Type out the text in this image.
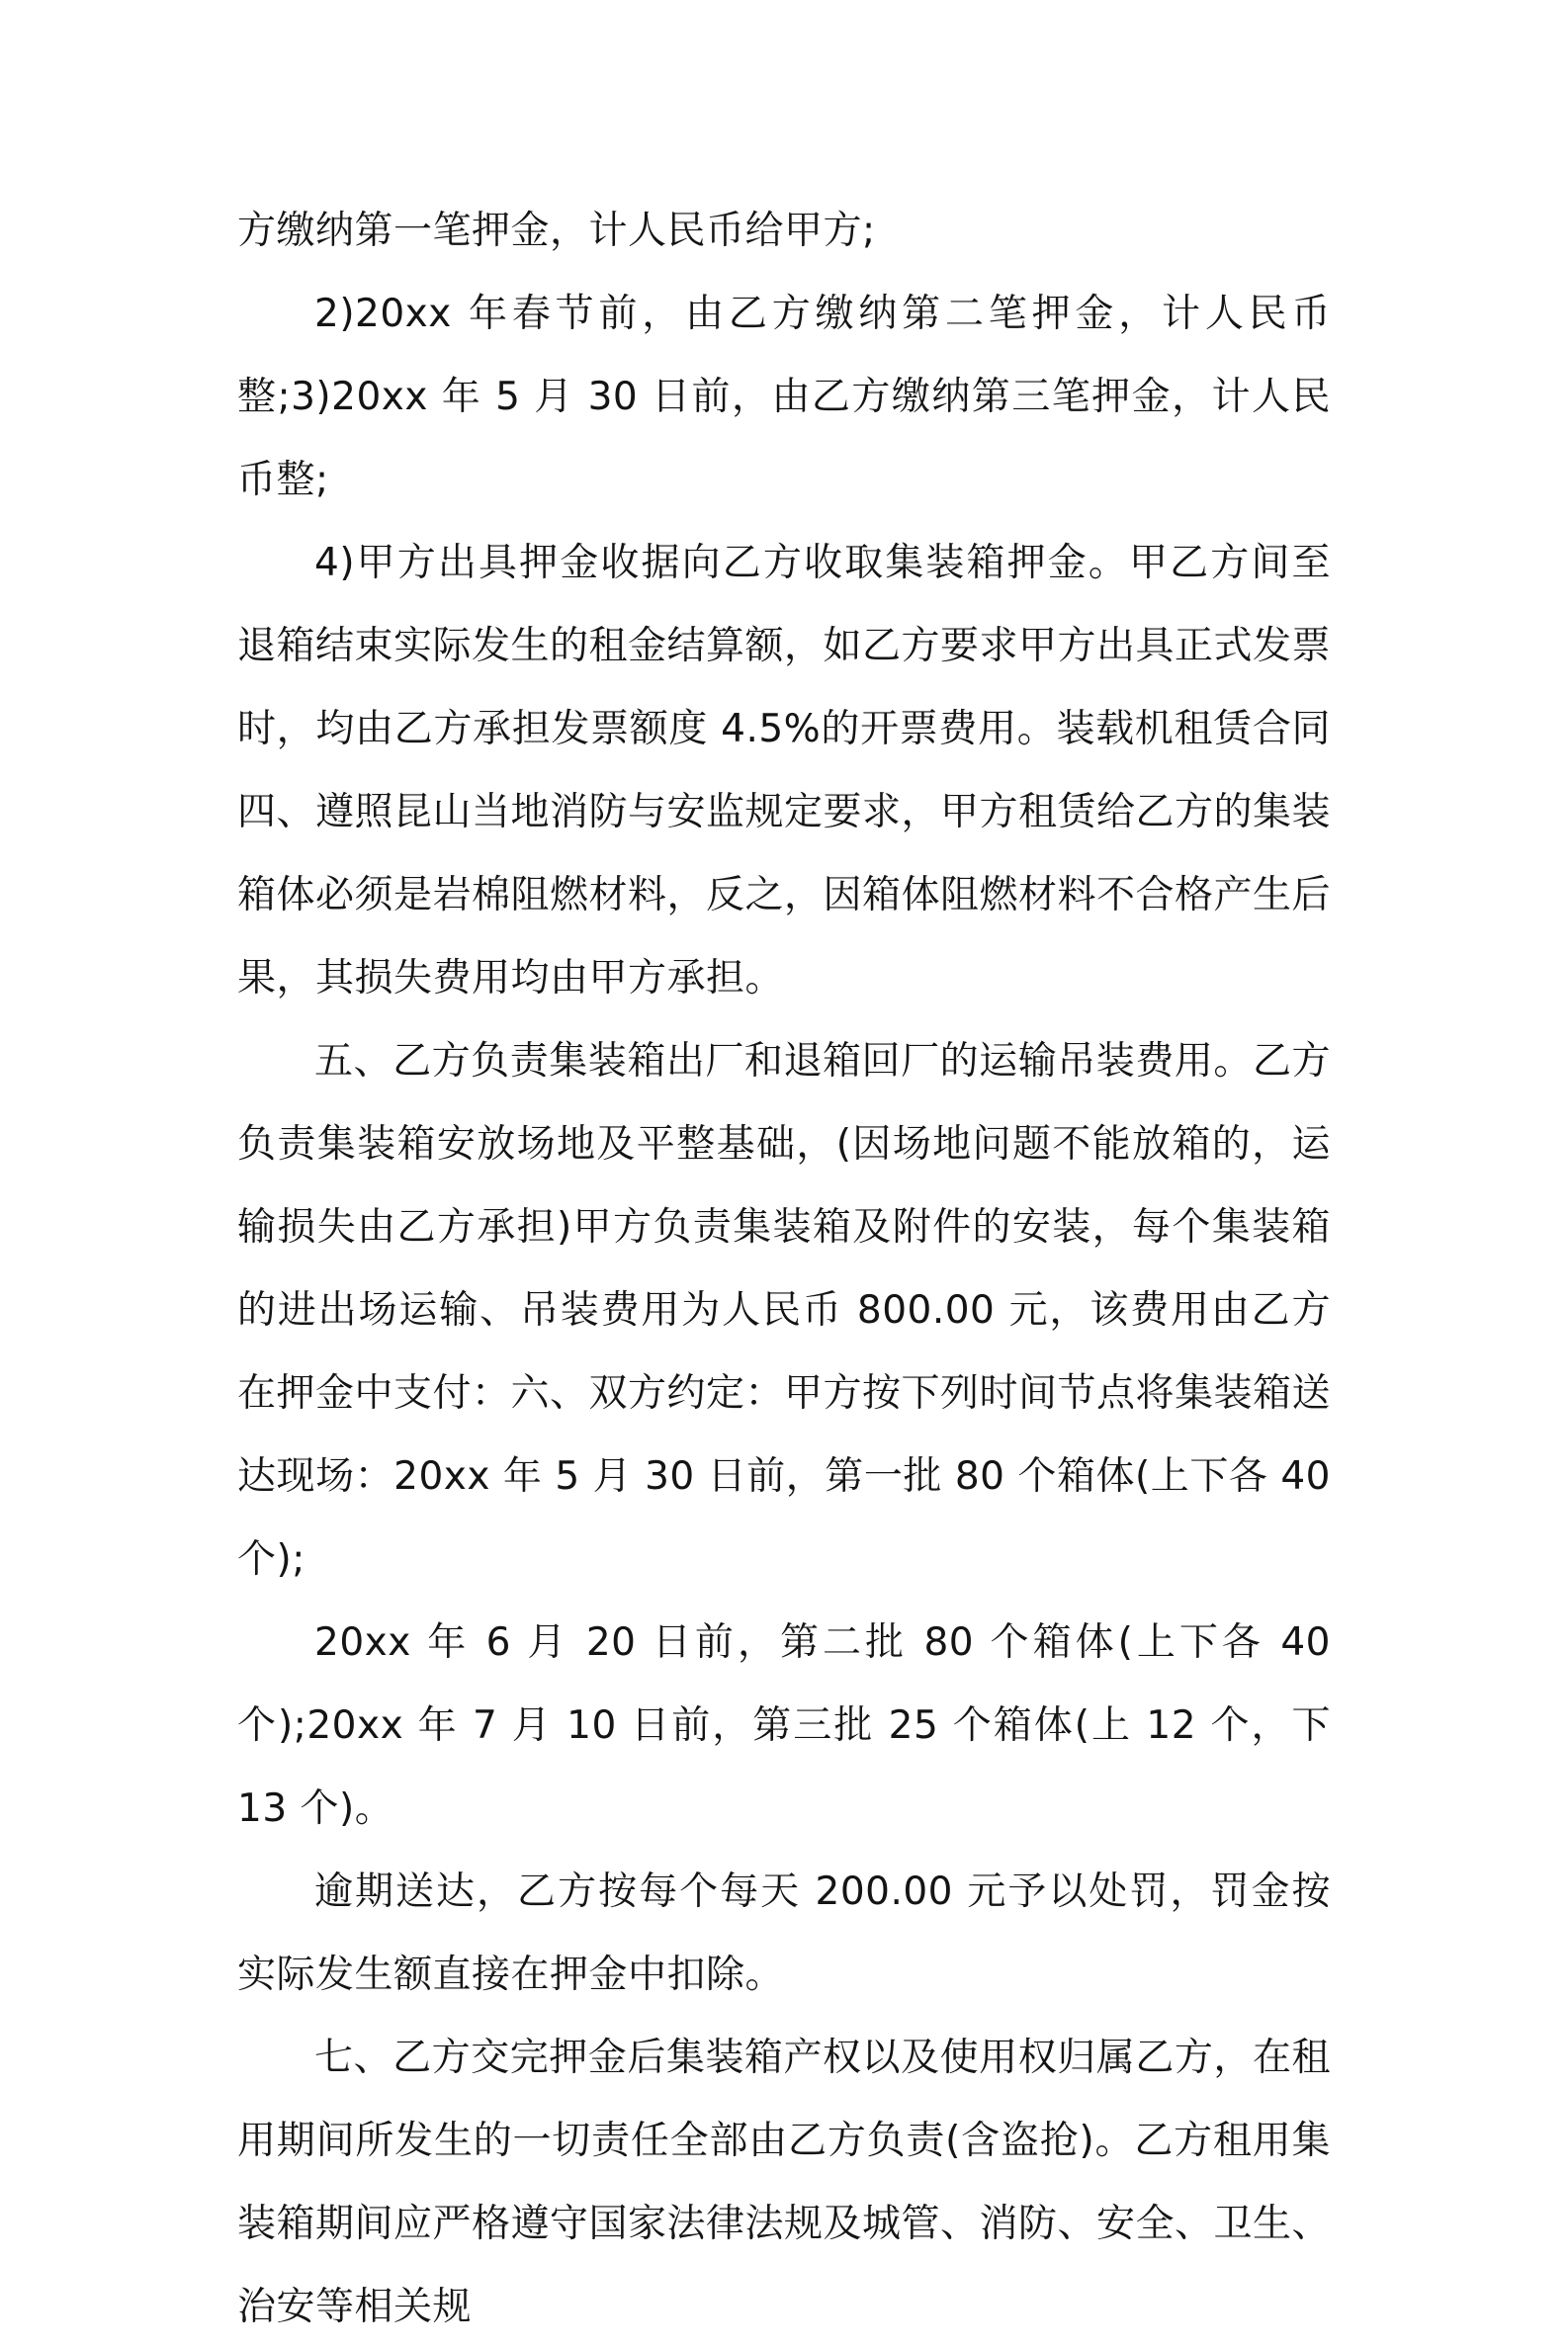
方缴纳第一笔押金，计人民币给甲方;

2)20xx 年春节前，由乙方缴纳第二笔押金，计人民币整;3)20xx 年 5 月 30 日前，由乙方缴纳第三笔押金，计人民币整;

4)甲方出具押金收据向乙方收取集装箱押金。甲乙方间至退箱结束实际发生的租金结算额，如乙方要求甲方出具正式发票时，均由乙方承担发票额度 4.5%的开票费用。装载机租赁合同四、遵照昆山当地消防与安监规定要求，甲方租赁给乙方的集装箱体必须是岩棉阻燃材料，反之，因箱体阻燃材料不合格产生后果，其损失费用均由甲方承担。

五、乙方负责集装箱出厂和退箱回厂的运输吊装费用。乙方负责集装箱安放场地及平整基础，(因场地问题不能放箱的，运输损失由乙方承担)甲方负责集装箱及附件的安装，每个集装箱的进出场运输、吊装费用为人民币 800.00 元，该费用由乙方在押金中支付：六、双方约定：甲方按下列时间节点将集装箱送达现场：20xx 年 5 月 30 日前，第一批 80 个箱体(上下各 40 个);

20xx 年 6 月 20 日前，第二批 80 个箱体(上下各 40 个);20xx 年 7 月 10 日前，第三批 25 个箱体(上 12 个，下 13 个)。

逾期送达，乙方按每个每天 200.00 元予以处罚，罚金按实际发生额直接在押金中扣除。

七、乙方交完押金后集装箱产权以及使用权归属乙方，在租用期间所发生的一切责任全部由乙方负责(含盗抢)。乙方租用集装箱期间应严格遵守国家法律法规及城管、消防、安全、卫生、治安等相关规
